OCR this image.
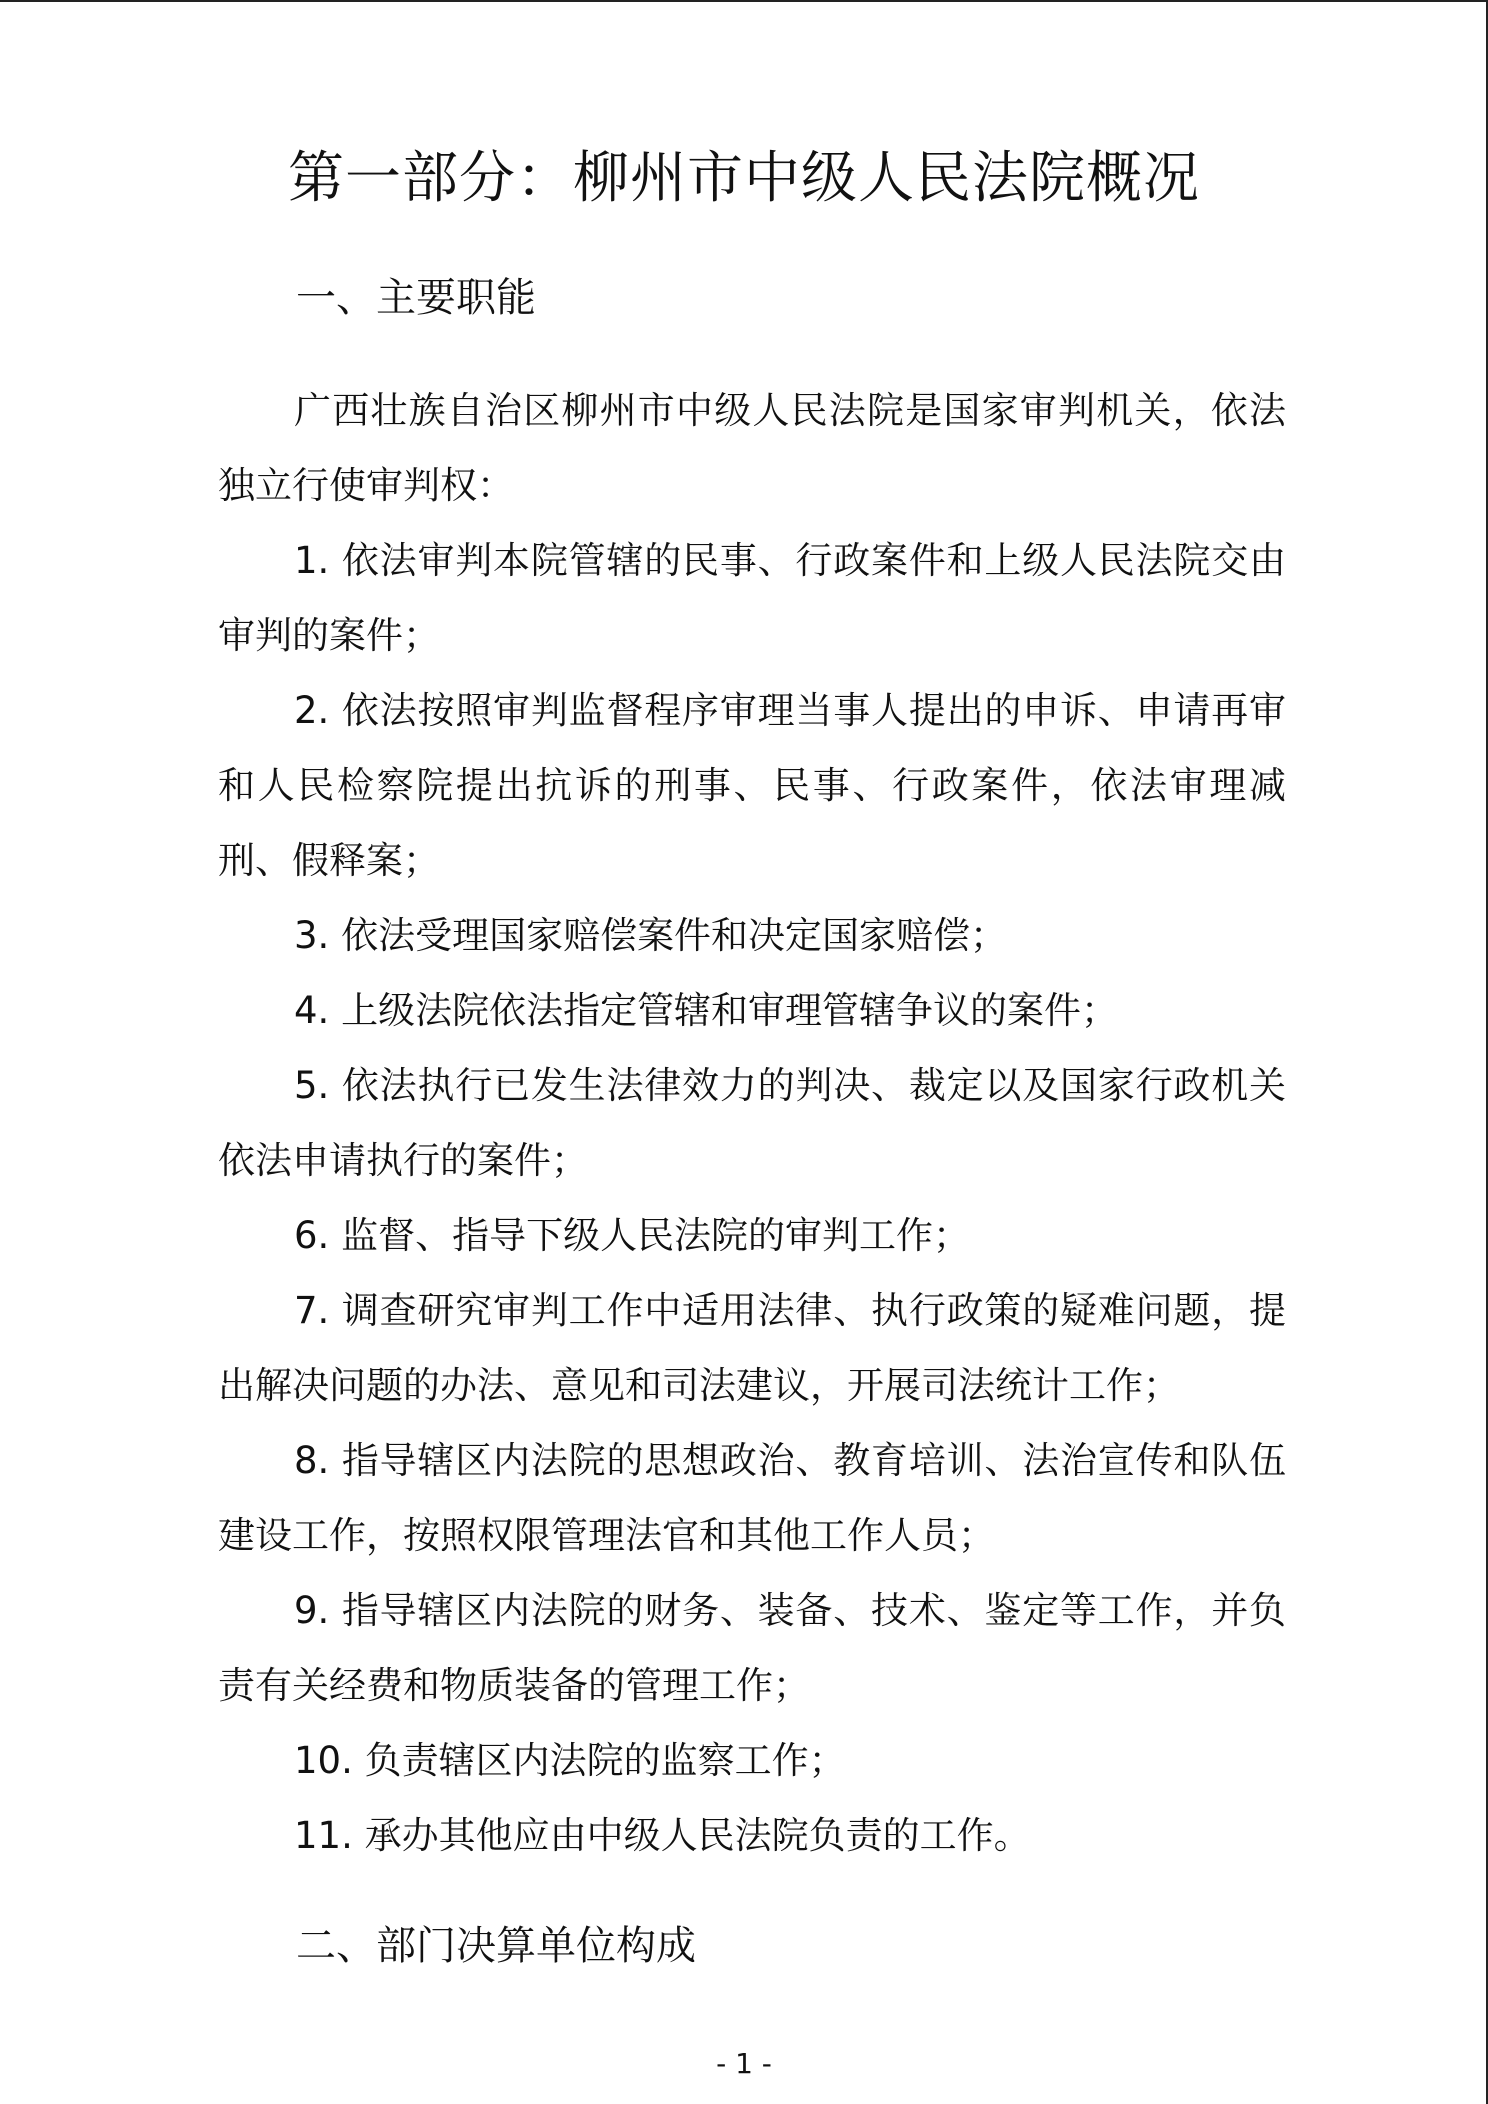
第一部分：柳州市中级人民法院概况
一、主要职能

广西壮族自治区柳州市中级人民法院是国家审判机关，依法独立行使审判权：

1. 依法审判本院管辖的民事、行政案件和上级人民法院交由审判的案件；

2. 依法按照审判监督程序审理当事人提出的申诉、申请再审和人民检察院提出抗诉的刑事、民事、行政案件，依法审理减刑、假释案；

3. 依法受理国家赔偿案件和决定国家赔偿；

4. 上级法院依法指定管辖和审理管辖争议的案件；

5. 依法执行已发生法律效力的判决、裁定以及国家行政机关依法申请执行的案件；

6. 监督、指导下级人民法院的审判工作；

7. 调查研究审判工作中适用法律、执行政策的疑难问题，提出解决问题的办法、意见和司法建议，开展司法统计工作；

8. 指导辖区内法院的思想政治、教育培训、法治宣传和队伍建设工作，按照权限管理法官和其他工作人员；

9. 指导辖区内法院的财务、装备、技术、鉴定等工作，并负责有关经费和物质装备的管理工作；

10. 负责辖区内法院的监察工作；

11. 承办其他应由中级人民法院负责的工作。

二、部门决算单位构成
- 1 -
